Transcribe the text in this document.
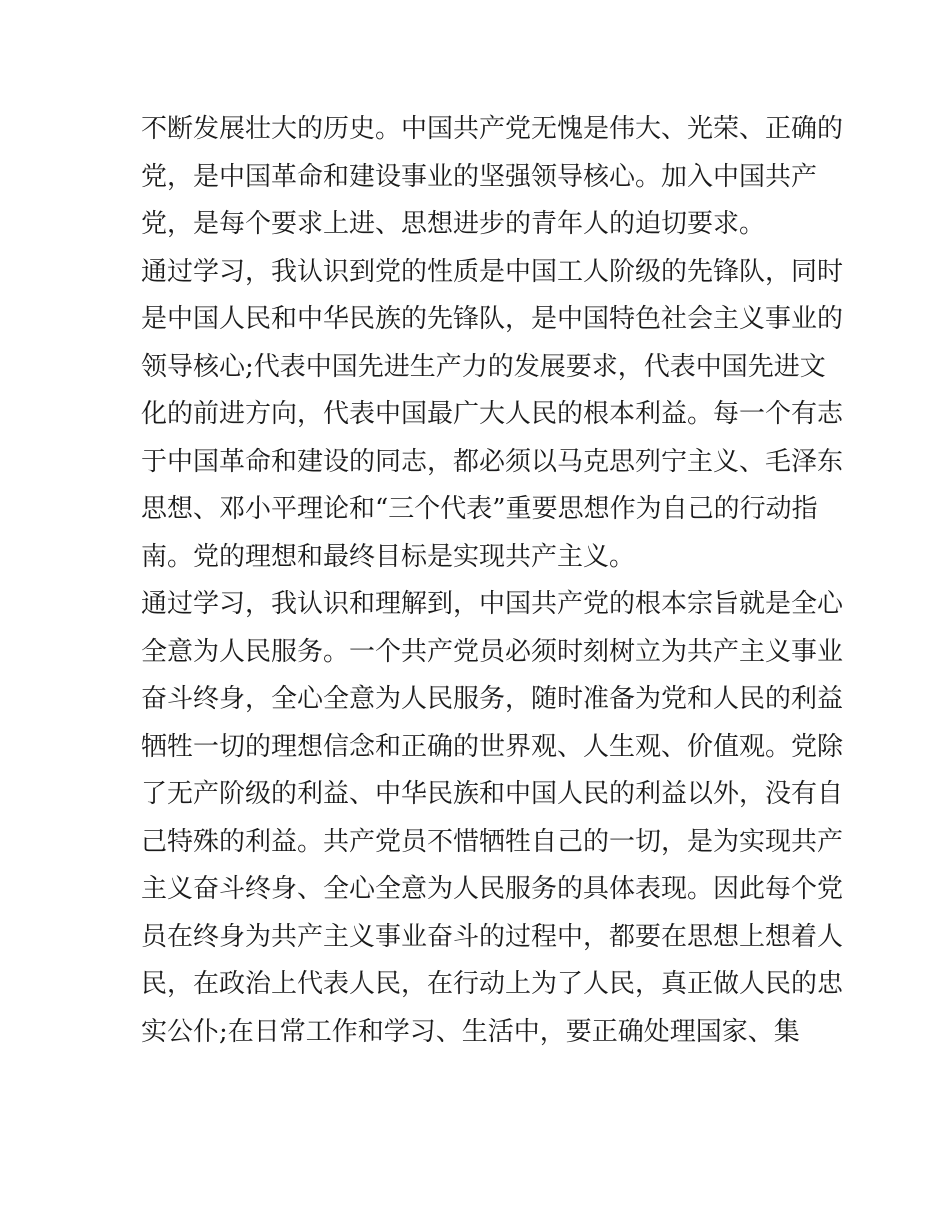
不断发展壮大的历史。中国共产党无愧是伟大、光荣、正确的
党，是中国革命和建设事业的坚强领导核心。加入中国共产
党，是每个要求上进、思想进步的青年人的迫切要求。
通过学习，我认识到党的性质是中国工人阶级的先锋队，同时
是中国人民和中华民族的先锋队，是中国特色社会主义事业的
领导核心;代表中国先进生产力的发展要求，代表中国先进文
化的前进方向，代表中国最广大人民的根本利益。每一个有志
于中国革命和建设的同志，都必须以马克思列宁主义、毛泽东
思想、邓小平理论和“三个代表”重要思想作为自己的行动指
南。党的理想和最终目标是实现共产主义。
通过学习，我认识和理解到，中国共产党的根本宗旨就是全心
全意为人民服务。一个共产党员必须时刻树立为共产主义事业
奋斗终身，全心全意为人民服务，随时准备为党和人民的利益
牺牲一切的理想信念和正确的世界观、人生观、价值观。党除
了无产阶级的利益、中华民族和中国人民的利益以外，没有自
己特殊的利益。共产党员不惜牺牲自己的一切，是为实现共产
主义奋斗终身、全心全意为人民服务的具体表现。因此每个党
员在终身为共产主义事业奋斗的过程中，都要在思想上想着人
民，在政治上代表人民，在行动上为了人民，真正做人民的忠
实公仆;在日常工作和学习、生活中，要正确处理国家、集
